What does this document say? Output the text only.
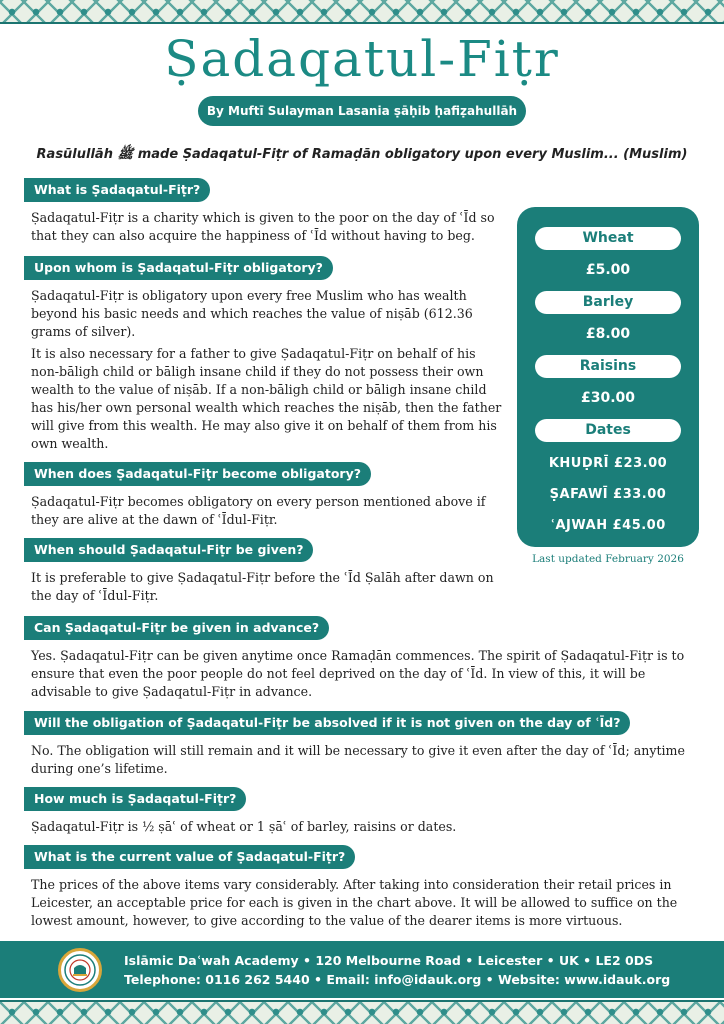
Ṣadaqatul-Fiṭr
By Muftī Sulayman Lasania ṣāḥib ḥafiẓahullāh
Rasūlullāh ﷺ made Ṣadaqatul-Fiṭr of Ramaḍān obligatory upon every Muslim... (Muslim)
What is Ṣadaqatul-Fiṭr?

Ṣadaqatul-Fiṭr is a charity which is given to the poor on the day of ʿĪd so that they can also acquire the happiness of ʿĪd without having to beg.

Upon whom is Ṣadaqatul-Fiṭr obligatory?

Ṣadaqatul-Fiṭr is obligatory upon every free Muslim who has wealth beyond his basic needs and which reaches the value of niṣāb (612.36 grams of silver).

It is also necessary for a father to give Ṣadaqatul-Fiṭr on behalf of his non-bāligh child or bāligh insane child if they do not possess their own wealth to the value of niṣāb. If a non-bāligh child or bāligh insane child has his/her own personal wealth which reaches the niṣāb, then the father will give from this wealth. He may also give it on behalf of them from his own wealth.

When does Ṣadaqatul-Fiṭr become obligatory?

Ṣadaqatul-Fiṭr becomes obligatory on every person mentioned above if they are alive at the dawn of ʿĪdul-Fiṭr.

When should Ṣadaqatul-Fiṭr be given?

It is preferable to give Ṣadaqatul-Fiṭr before the ʿĪd Ṣalāh after dawn on the day of ʿĪdul-Fiṭr.

Can Ṣadaqatul-Fiṭr be given in advance?

Yes. Ṣadaqatul-Fiṭr can be given anytime once Ramaḍān commences. The spirit of Ṣadaqatul-Fiṭr is to ensure that even the poor people do not feel deprived on the day of ʿĪd. In view of this, it will be advisable to give Ṣadaqatul-Fiṭr in advance.

Will the obligation of Ṣadaqatul-Fiṭr be absolved if it is not given on the day of ʿĪd?

No. The obligation will still remain and it will be necessary to give it even after the day of ʿĪd; anytime during one’s lifetime.

How much is Ṣadaqatul-Fiṭr?

Ṣadaqatul-Fiṭr is ½ ṣāʿ of wheat or 1 ṣāʿ of barley, raisins or dates.

What is the current value of Ṣadaqatul-Fiṭr?

The prices of the above items vary considerably. After taking into consideration their retail prices in Leicester, an acceptable price for each is given in the chart above. It will be allowed to suffice on the lowest amount, however, to give according to the value of the dearer items is more virtuous.

Wheat
£5.00
Barley
£8.00
Raisins
£30.00
Dates
KHUḌRĪ £23.00
ṢAFAWĪ £33.00
ʿAJWAH £45.00
Last updated February 2026
Islāmic Daʿwah Academy • 120 Melbourne Road • Leicester • UK • LE2 0DS
Telephone: 0116 262 5440 • Email: info@idauk.org • Website: www.idauk.org
